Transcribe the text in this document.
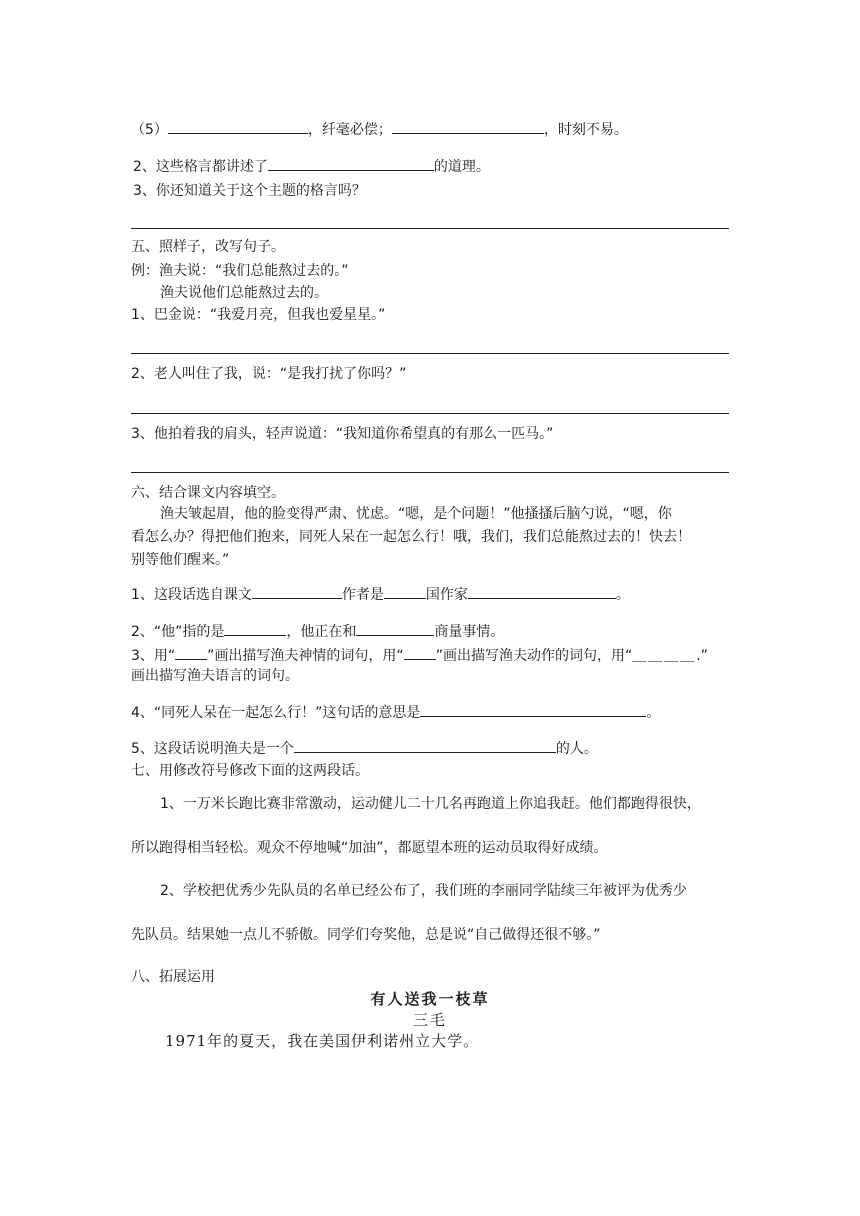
（5）	，纤毫必偿；	，时刻不易。
2、这些格言都讲述了	的道理。
3、你还知道关于这个主题的格言吗？
五、照样子，改写句子。
例：渔夫说：“我们总能熬过去的。”
渔夫说他们总能熬过去的。
1、巴金说：“我爱月亮，但我也爱星星。”
2、老人叫住了我，说：“是我打扰了你吗？”
3、他拍着我的肩头，轻声说道：“我知道你希望真的有那么一匹马。”
六、结合课文内容填空。
渔夫皱起眉，他的脸变得严肃、忧虑。“嗯，是个问题！”他搔搔后脑勺说，“嗯，你
看怎么办？得把他们抱来，同死人呆在一起怎么行！哦，我们，我们总能熬过去的！快去！
别等他们醒来。”
1、这段话选自课文	作者是	国作家	。
2、“他”指的是	，他正在和	商量事情。
3、用“ ”画出描写渔夫神情的词句，用“ ”画出描写渔夫动作的词句，用“＿＿＿＿.”
画出描写渔夫语言的词句。
4、“同死人呆在一起怎么行！”这句话的意思是	。
5、这段话说明渔夫是一个	的人。
七、用修改符号修改下面的这两段话。
1、一万米长跑比赛非常激动，运动健儿二十几名再跑道上你追我赶。他们都跑得很快，
所以跑得相当轻松。观众不停地喊“加油”，都愿望本班的运动员取得好成绩。
2、学校把优秀少先队员的名单已经公布了，我们班的李丽同学陆续三年被评为优秀少
先队员。结果她一点儿不骄傲。同学们夸奖他，总是说“自己做得还很不够。”
八、拓展运用
有人送我一枝草
三毛
1971年的夏天，我在美国伊利诺州立大学。
